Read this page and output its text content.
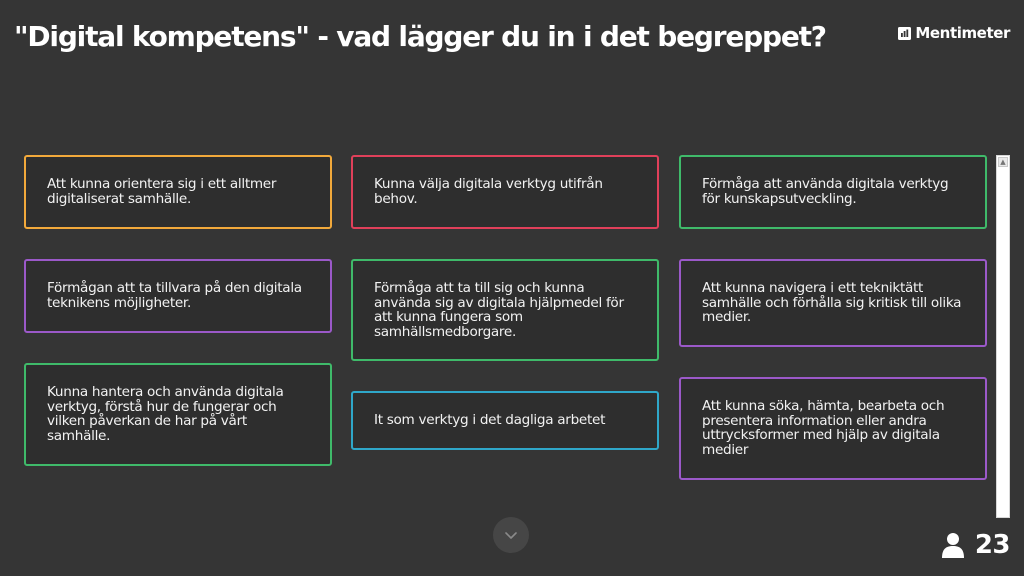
"Digital kompetens" - vad lägger du in i det begreppet?	Mentimeter
Att kunna orientera sig i ett alltmer digitaliserat samhälle.
Förmågan att ta tillvara på den digitala teknikens möjligheter.
Kunna hantera och använda digitala verktyg, förstå hur de fungerar och vilken påverkan de har på vårt samhälle.
Kunna välja digitala verktyg utifrån behov.
Förmåga att ta till sig och kunna använda sig av digitala hjälpmedel för att kunna fungera som samhällsmedborgare.
It som verktyg i det dagliga arbetet
Förmåga att använda digitala verktyg för kunskapsutveckling.
Att kunna navigera i ett tekniktätt samhälle och förhålla sig kritisk till olika medier.
Att kunna söka, hämta, bearbeta och presentera information eller andra uttrycksformer med hjälp av digitala medier
▲
23
